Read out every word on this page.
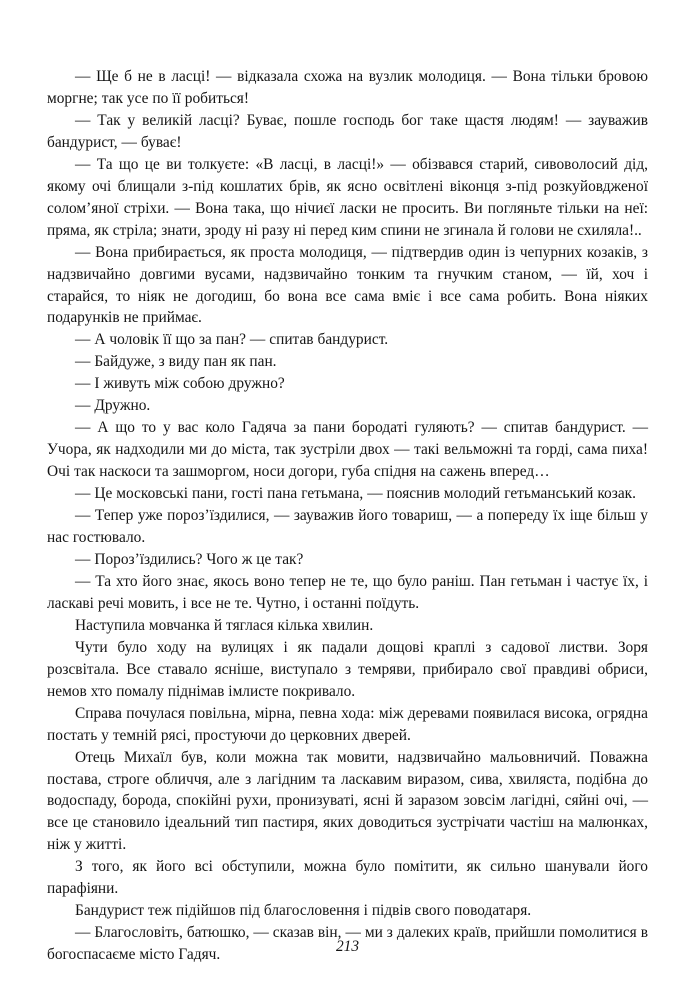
— Ще б не в ласці! — відказала схожа на вузлик молодиця. — Вона тільки бровою моргне; так усе по її робиться!

— Так у великій ласці? Буває, пошле господь бог таке щастя людям! — зауважив бандурист, — буває!

— Та що це ви толкуєте: «В ласці, в ласці!» — обізвався старий, сивоволосий дід, якому очі блищали з-під кошлатих брів, як ясно освітлені віконця з-під розкуйовдженої солом’яної стріхи. — Вона така, що нічиєї ласки не просить. Ви погляньте тільки на неї: пряма, як стріла; знати, зроду ні разу ні перед ким спини не згинала й голови не схиляла!..

— Вона прибирається, як проста молодиця, — підтвердив один із чепурних козаків, з надзвичайно довгими вусами, надзвичайно тонким та гнучким станом, — їй, хоч і старайся, то ніяк не догодиш, бо вона все сама вміє і все сама робить. Вона ніяких подарунків не приймає.

— А чоловік її що за пан? — спитав бандурист.

— Байдуже, з виду пан як пан.

— І живуть між собою дружно?

— Дружно.

— А що то у вас коло Гадяча за пани бородаті гуляють? — спитав бандурист. — Учора, як надходили ми до міста, так зустріли двох — такі вельможні та горді, сама пиха! Очі так наскоси та зашморгом, носи догори, губа спідня на сажень вперед…

— Це московські пани, гості пана гетьмана, — пояснив молодий гетьманський козак.

— Тепер уже пороз’їздилися, — зауважив його товариш, — а попереду їх іще більш у нас гостювало.

— Пороз’їздились? Чого ж це так?

— Та хто його знає, якось воно тепер не те, що було раніш. Пан гетьман і частує їх, і ласкаві речі мовить, і все не те. Чутно, і останні поїдуть.

Наступила мовчанка й тяглася кілька хвилин.

Чути було ходу на вулицях і як падали дощові краплі з садової листви. Зоря розсвітала. Все ставало ясніше, виступало з темряви, прибирало свої правдиві обриси, немов хто помалу піднімав імлисте покривало.

Справа почулася повільна, мірна, певна хода: між деревами появилася висока, огрядна постать у темній рясі, простуючи до церковних дверей.

Отець Михаїл був, коли можна так мовити, надзвичайно мальовничий. Поважна постава, строге обличчя, але з лагідним та ласкавим виразом, сива, хвиляста, подібна до водоспаду, борода, спокійні рухи, пронизуваті, ясні й заразом зовсім лагідні, сяйні очі, — все це становило ідеальний тип пастиря, яких доводиться зустрічати частіш на малюнках, ніж у житті.

З того, як його всі обступили, можна було помітити, як сильно шанували його парафіяни.

Бандурист теж підійшов під благословення і підвів свого поводатаря.

— Благословіть, батюшко, — сказав він, — ми з далеких країв, прийшли помолитися в богоспасаєме місто Гадяч.	213
